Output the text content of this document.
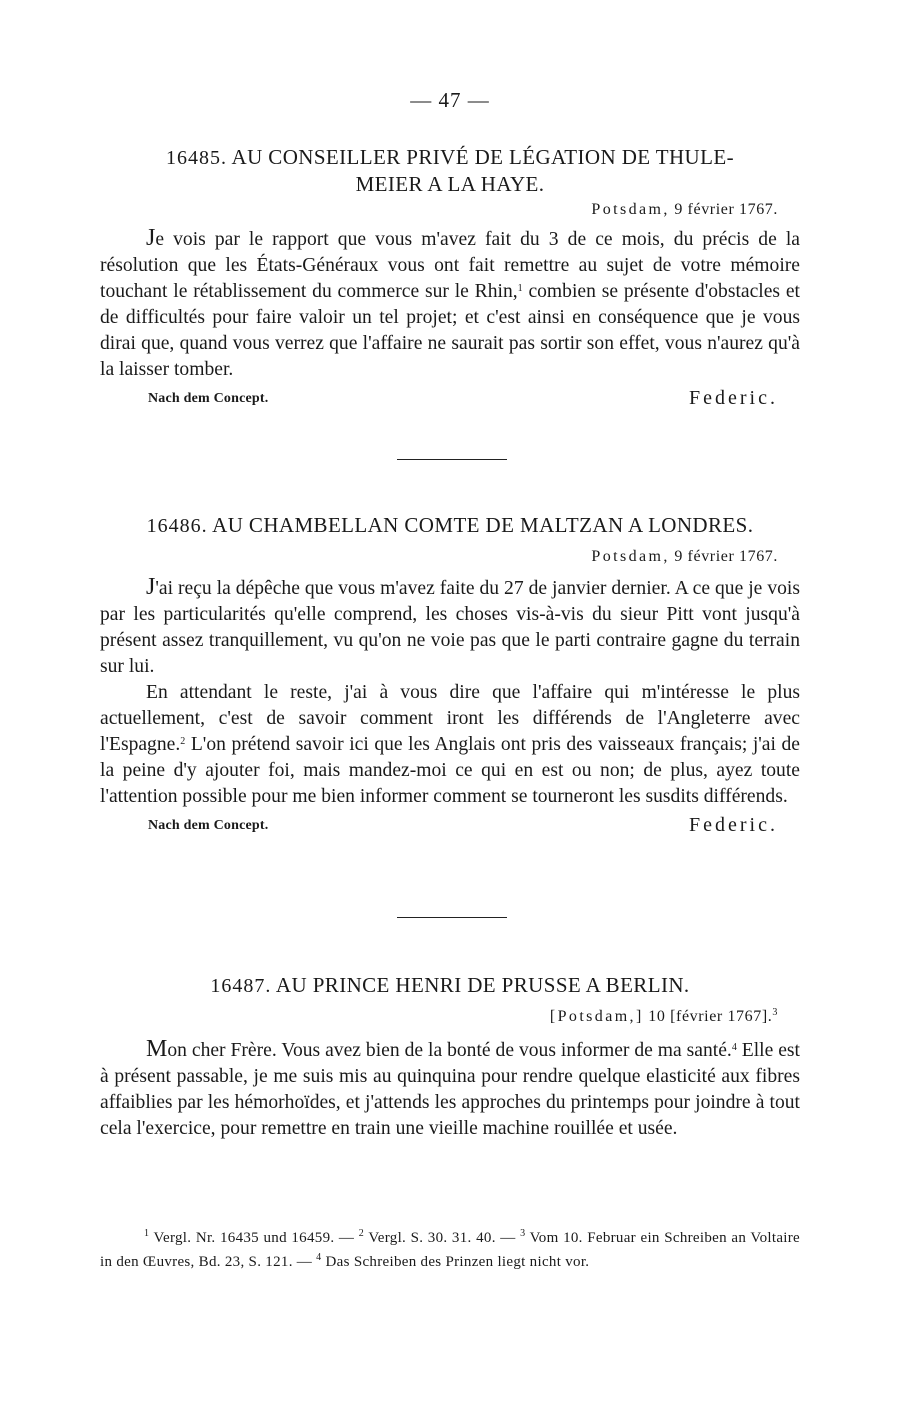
— 47 —
16485. AU CONSEILLER PRIVÉ DE LÉGATION DE THULE-
MEIER A LA HAYE.
Potsdam, 9 février 1767.

Je vois par le rapport que vous m'avez fait du 3 de ce mois, du précis de la résolution que les États-Généraux vous ont fait remettre au sujet de votre mémoire touchant le rétablissement du commerce sur le Rhin,$^1$ combien se présente d'obstacles et de difficultés pour faire valoir un tel projet; et c'est ainsi en conséquence que je vous dirai que, quand vous verrez que l'affaire ne saurait pas sortir son effet, vous n'aurez qu'à la laisser tomber.

Nach dem Concept.	Federic.
16486. AU CHAMBELLAN COMTE DE MALTZAN A LONDRES.
Potsdam, 9 février 1767.

J'ai reçu la dépêche que vous m'avez faite du 27 de janvier dernier. A ce que je vois par les particularités qu'elle comprend, les choses vis-à-vis du sieur Pitt vont jusqu'à présent assez tranquillement, vu qu'on ne voie pas que le parti contraire gagne du terrain sur lui.

En attendant le reste, j'ai à vous dire que l'affaire qui m'intéresse le plus actuellement, c'est de savoir comment iront les différends de l'Angleterre avec l'Espagne.$^2$ L'on prétend savoir ici que les Anglais ont pris des vaisseaux français; j'ai de la peine d'y ajouter foi, mais mandez-moi ce qui en est ou non; de plus, ayez toute l'attention possible pour me bien informer comment se tourneront les susdits différends.

Nach dem Concept.	Federic.
16487. AU PRINCE HENRI DE PRUSSE A BERLIN.
[Potsdam,] 10 [février 1767].$^3$

Mon cher Frère. Vous avez bien de la bonté de vous informer de ma santé.$^4$ Elle est à présent passable, je me suis mis au quinquina pour rendre quelque elasticité aux fibres affaiblies par les hémorhoïdes, et j'attends les approches du printemps pour joindre à tout cela l'exercice, pour remettre en train une vieille machine rouillée et usée.

$^1$ Vergl. Nr. 16435 und 16459. — $^2$ Vergl. S. 30. 31. 40. — $^3$ Vom 10. Februar ein Schreiben an Voltaire in den Œuvres, Bd. 23, S. 121. — $^4$ Das Schreiben des Prinzen liegt nicht vor.
